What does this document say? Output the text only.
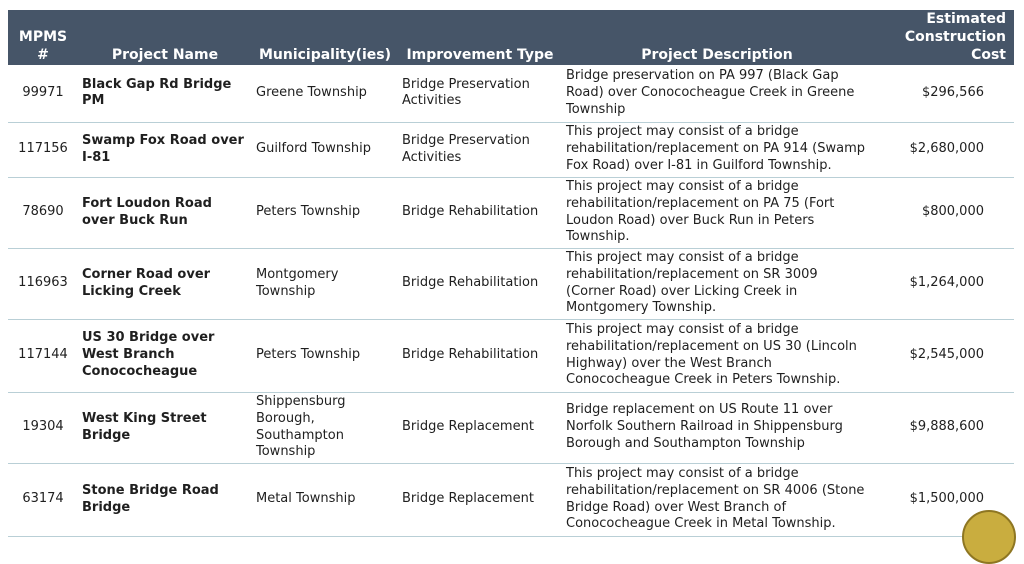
MPMS #	Project Name	Municipality(ies)	Improvement Type	Project Description	Estimated
Construction Cost
99971	Black Gap Rd Bridge PM	Greene Township	Bridge Preservation Activities	Bridge preservation on PA 997 (Black Gap Road) over Conococheague Creek in Greene Township	$296,566
117156	Swamp Fox Road over I-81	Guilford Township	Bridge Preservation Activities	This project may consist of a bridge rehabilitation/replacement on PA 914 (Swamp Fox Road) over I-81 in Guilford Township.	$2,680,000
78690	Fort Loudon Road over Buck Run	Peters Township	Bridge Rehabilitation	This project may consist of a bridge rehabilitation/replacement on PA 75 (Fort Loudon Road) over Buck Run in Peters Township.	$800,000
116963	Corner Road over Licking Creek	Montgomery Township	Bridge Rehabilitation	This project may consist of a bridge rehabilitation/replacement on SR 3009 (Corner Road) over Licking Creek in Montgomery Township.	$1,264,000
117144	US 30 Bridge over West Branch Conococheague	Peters Township	Bridge Rehabilitation	This project may consist of a bridge rehabilitation/replacement on US 30 (Lincoln Highway) over the West Branch Conococheague Creek in Peters Township.	$2,545,000
19304	West King Street Bridge	Shippensburg Borough, Southampton Township	Bridge Replacement	Bridge replacement on US Route 11 over Norfolk Southern Railroad in Shippensburg Borough and Southampton Township	$9,888,600
63174	Stone Bridge Road Bridge	Metal Township	Bridge Replacement	This project may consist of a bridge rehabilitation/replacement on SR 4006 (Stone Bridge Road) over West Branch of Conococheague Creek in Metal Township.	$1,500,000
